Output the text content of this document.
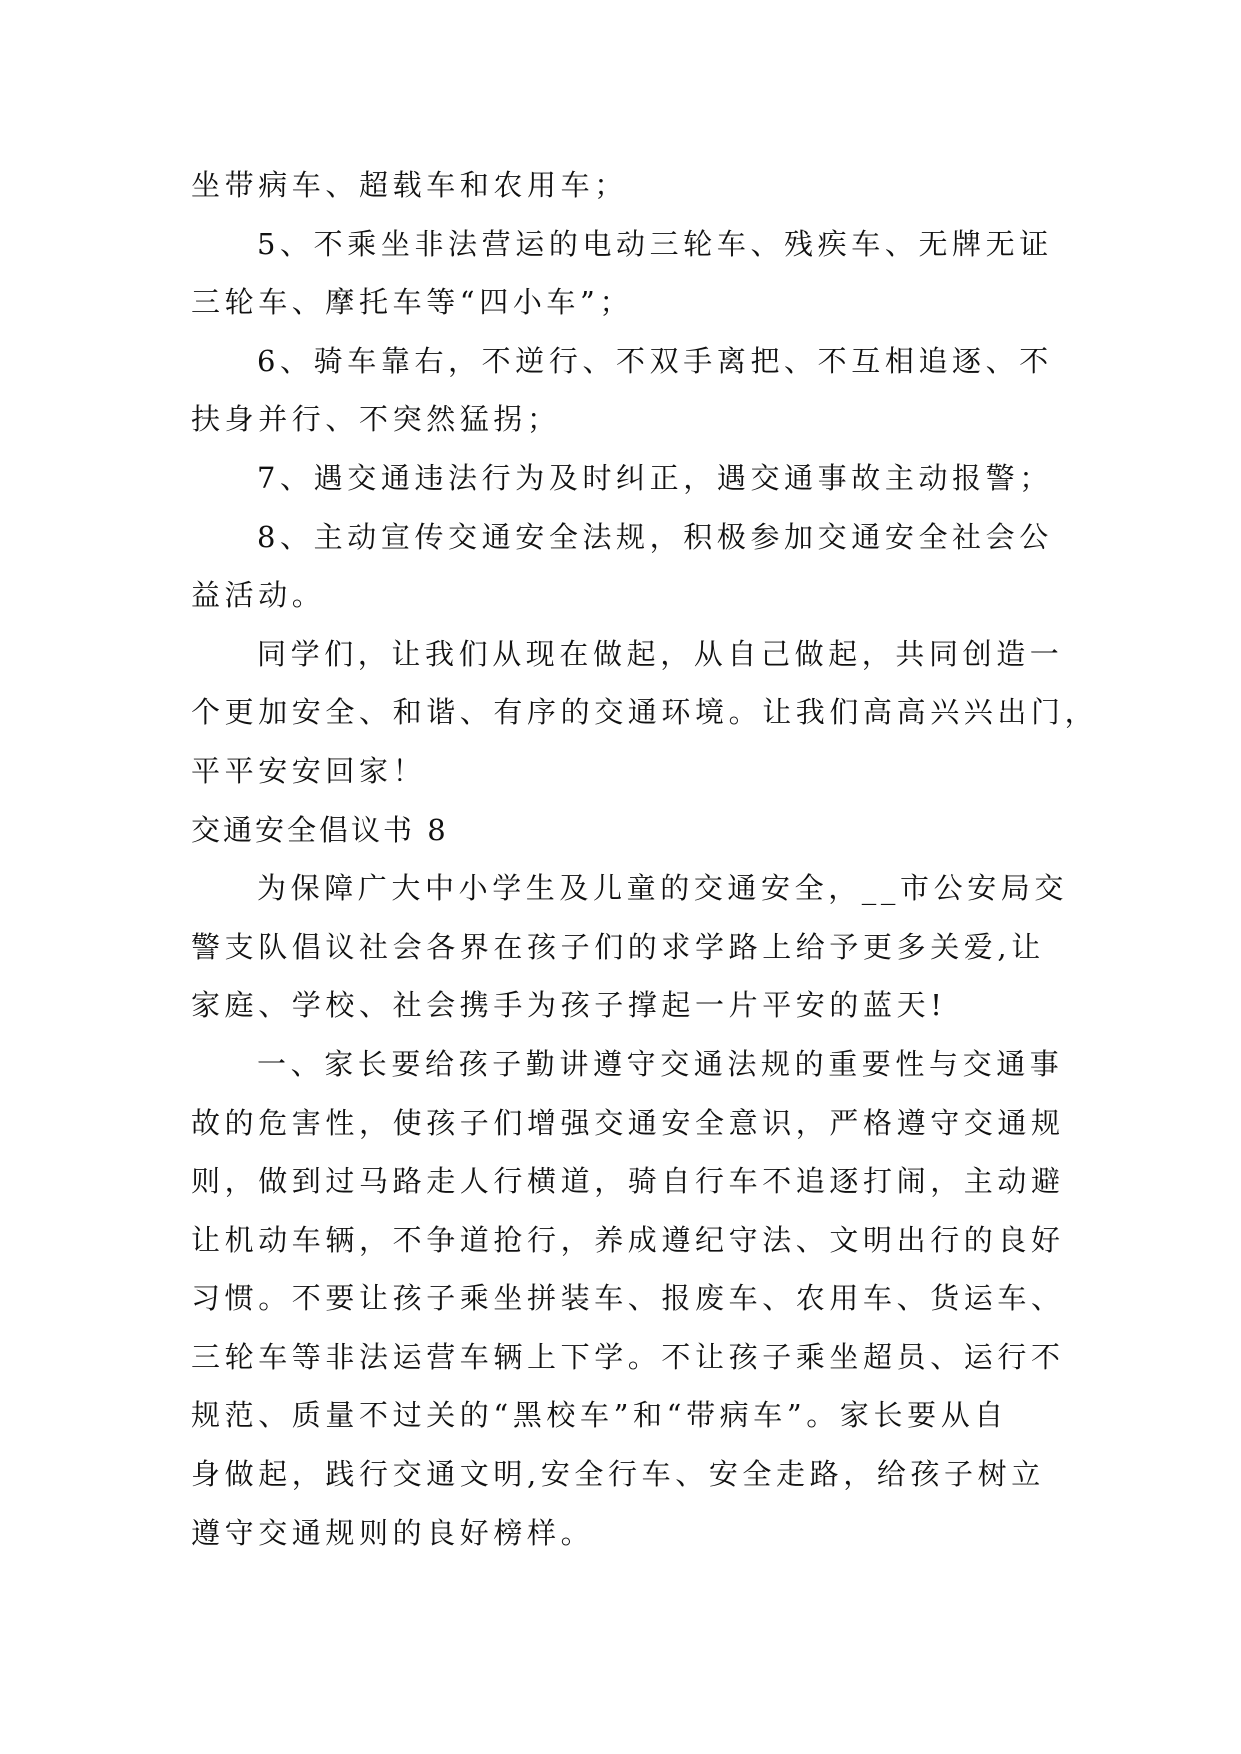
坐带病车、超载车和农用车；
5、不乘坐非法营运的电动三轮车、残疾车、无牌无证
三轮车、摩托车等“四小车”；
6、骑车靠右，不逆行、不双手离把、不互相追逐、不
扶身并行、不突然猛拐；
7、遇交通违法行为及时纠正，遇交通事故主动报警；
8、主动宣传交通安全法规，积极参加交通安全社会公
益活动。
同学们，让我们从现在做起，从自己做起，共同创造一
个更加安全、和谐、有序的交通环境。让我们高高兴兴出门，
平平安安回家！
交通安全倡议书 8
为保障广大中小学生及儿童的交通安全，__市公安局交
警支队倡议社会各界在孩子们的求学路上给予更多关爱,让
家庭、学校、社会携手为孩子撑起一片平安的蓝天!
一、家长要给孩子勤讲遵守交通法规的重要性与交通事
故的危害性，使孩子们增强交通安全意识，严格遵守交通规
则，做到过马路走人行横道，骑自行车不追逐打闹，主动避
让机动车辆，不争道抢行，养成遵纪守法、文明出行的良好
习惯。不要让孩子乘坐拼装车、报废车、农用车、货运车、
三轮车等非法运营车辆上下学。不让孩子乘坐超员、运行不
规范、质量不过关的“黑校车”和“带病车”。家长要从自
身做起，践行交通文明,安全行车、安全走路，给孩子树立
遵守交通规则的良好榜样。
